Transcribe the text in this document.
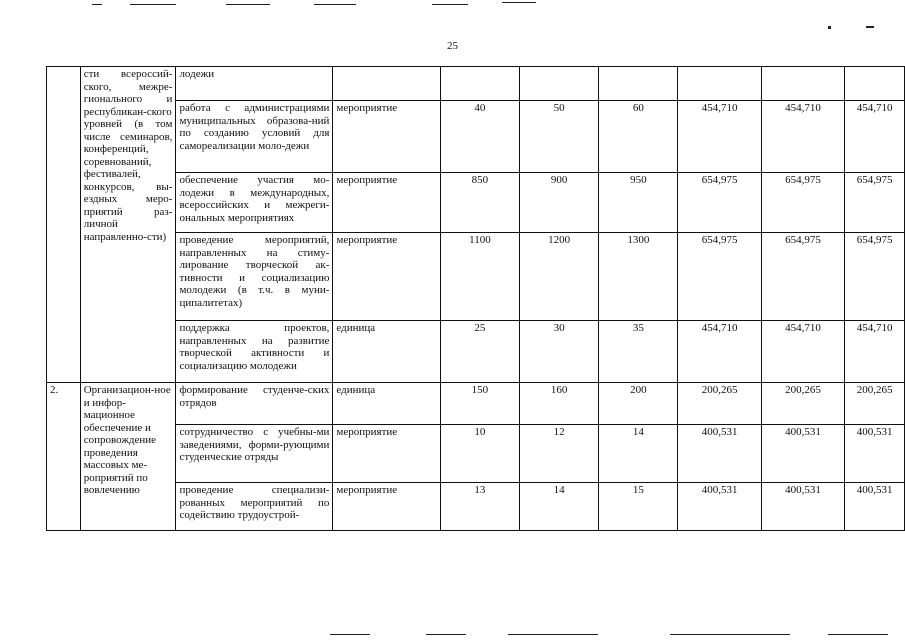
25
	сти всероссий-ского, межре-гионального и республикан-ского уровней (в том числе семинаров, конференций, соревнований, фестивалей, конкурсов, вы-ездных меро-приятий раз-личной направленно-сти)	лодежи							
		работа с администрациями муниципальных образова-ний по созданию условий для самореализации моло-дежи	мероприятие	40	50	60	454,710	454,710	454,710
		обеспечение участия мо-лодежи в международных, всероссийских и межреги-ональных мероприятиях	мероприятие	850	900	950	654,975	654,975	654,975
		проведение мероприятий, направленных на стиму-лирование творческой ак-тивности и социализацию молодежи (в т.ч. в муни-ципалитетах)	мероприятие	1100	1200	1300	654,975	654,975	654,975
		поддержка проектов, направленных на развитие творческой активности и социализацию молодежи	единица	25	30	35	454,710	454,710	454,710
2.	Организацион-ное и инфор-мационное обеспечение и сопровождение проведения массовых ме-роприятий по вовлечению	формирование студенче-ских отрядов	единица	150	160	200	200,265	200,265	200,265
		сотрудничество с учебны-ми заведениями, форми-рующими студенческие отряды	мероприятие	10	12	14	400,531	400,531	400,531
		проведение специализи-рованных мероприятий по содействию трудоустрой-	мероприятие	13	14	15	400,531	400,531	400,531
